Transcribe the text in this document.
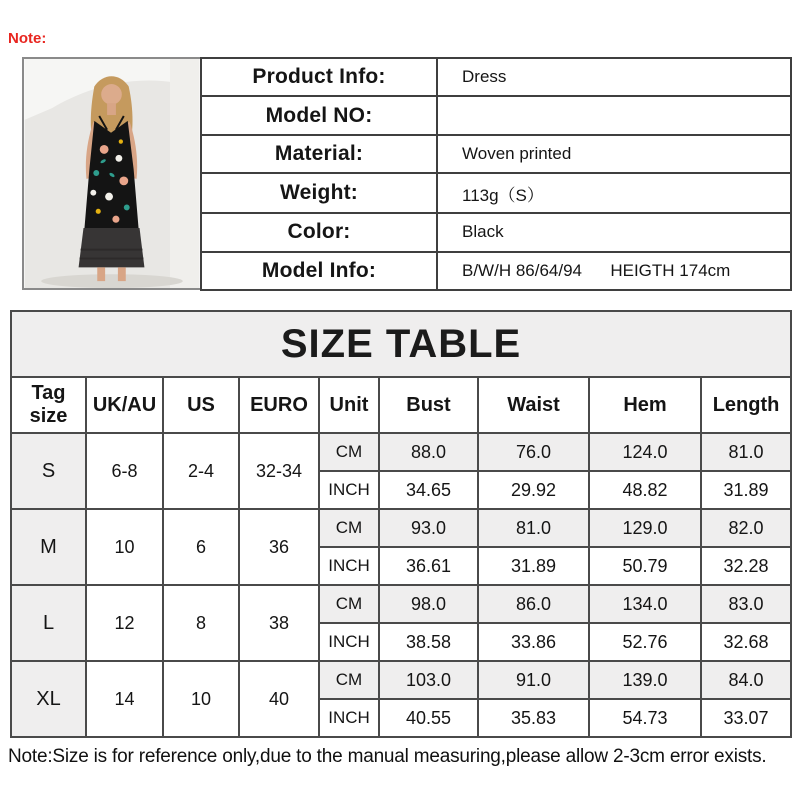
Note:
Product Info:	Dress
Model NO:	
Material:	Woven printed
Weight:	113g（S）
Color:	Black
Model Info:	B/W/H 86/64/94      HEIGTH 174cm
SIZE TABLE								
Tag size	UK/AU	US	EURO	Unit	Bust	Waist	Hem	Length
S	6-8	2-4	32-34	CM	88.0	76.0	124.0	81.0
				INCH	34.65	29.92	48.82	31.89
M	10	6	36	CM	93.0	81.0	129.0	82.0
				INCH	36.61	31.89	50.79	32.28
L	12	8	38	CM	98.0	86.0	134.0	83.0
				INCH	38.58	33.86	52.76	32.68
XL	14	10	40	CM	103.0	91.0	139.0	84.0
				INCH	40.55	35.83	54.73	33.07
Note:Size is for reference only,due to the manual measuring,please allow 2-3cm error exists.
